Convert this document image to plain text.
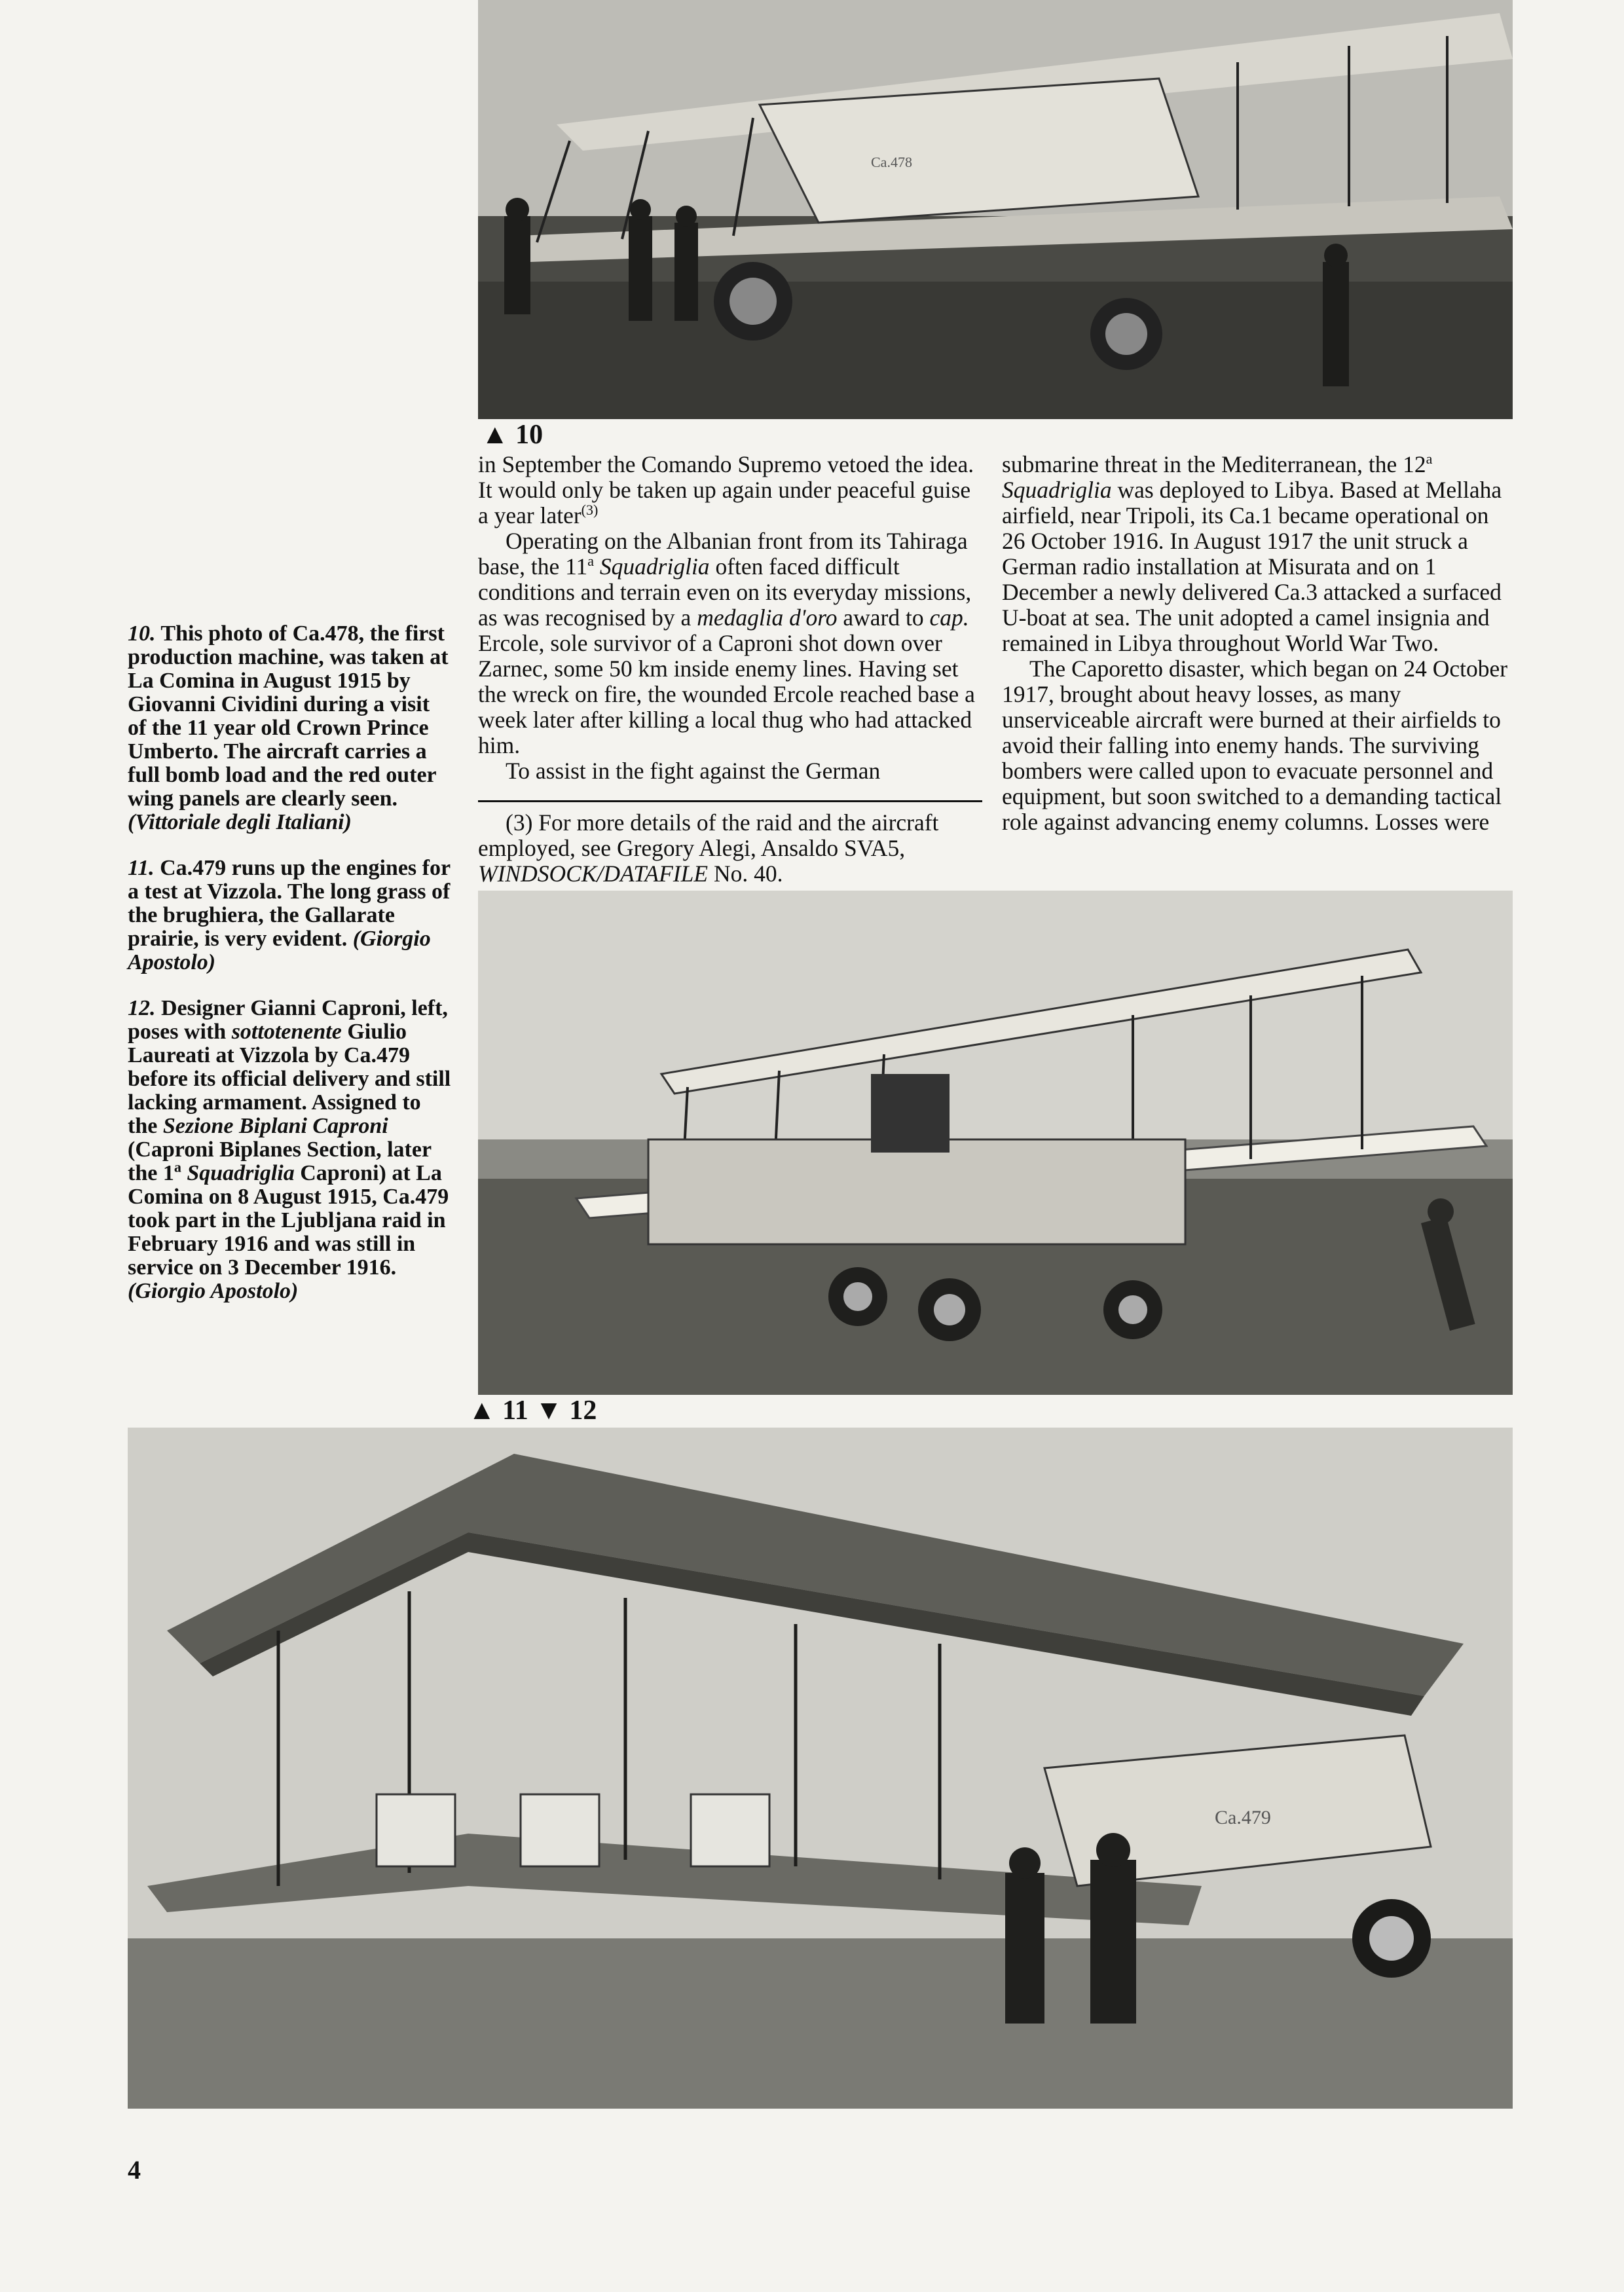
Ca.478
▲ 10

10. This photo of Ca.478, the first production machine, was taken at La Comina in August 1915 by Giovanni Cividini during a visit of the 11 year old Crown Prince Umberto. The aircraft carries a full bomb load and the red outer wing panels are clearly seen. (Vittoriale degli Italiani)

11. Ca.479 runs up the engines for a test at Vizzola. The long grass of the brughiera, the Gallarate prairie, is very evident. (Giorgio Apostolo)

12. Designer Gianni Caproni, left, poses with sottotenente Giulio Laureati at Vizzola by Ca.479 before its official delivery and still lacking armament. Assigned to the Sezione Biplani Caproni (Caproni Biplanes Section, later the 1$^a$ Squadriglia Caproni) at La Comina on 8 August 1915, Ca.479 took part in the Ljubljana raid in February 1916 and was still in service on 3 December 1916. (Giorgio Apostolo)

in September the Comando Supremo vetoed the idea. It would only be taken up again under peaceful guise a year later$^{(3)}$

Operating on the Albanian front from its Tahiraga base, the 11$^a$ Squadriglia often faced difficult conditions and terrain even on its everyday missions, as was recognised by a medaglia d'oro award to cap. Ercole, sole survivor of a Caproni shot down over Zarnec, some 50 km inside enemy lines. Having set the wreck on fire, the wounded Ercole reached base a week later after killing a local thug who had attacked him.

To assist in the fight against the German

(3) For more details of the raid and the aircraft employed, see Gregory Alegi, Ansaldo SVA5, WINDSOCK/DATAFILE No. 40.

submarine threat in the Mediterranean, the 12$^a$ Squadriglia was deployed to Libya. Based at Mellaha airfield, near Tripoli, its Ca.1 became operational on 26 October 1916. In August 1917 the unit struck a German radio installation at Misurata and on 1 December a newly delivered Ca.3 attacked a surfaced U-boat at sea. The unit adopted a camel insignia and remained in Libya throughout World War Two.

The Caporetto disaster, which began on 24 October 1917, brought about heavy losses, as many unserviceable aircraft were burned at their airfields to avoid their falling into enemy hands. The surviving bombers were called upon to evacuate personnel and equipment, but soon switched to a demanding tactical role against advancing enemy columns. Losses were

▲ 11 ▼ 12
Ca.479
4
